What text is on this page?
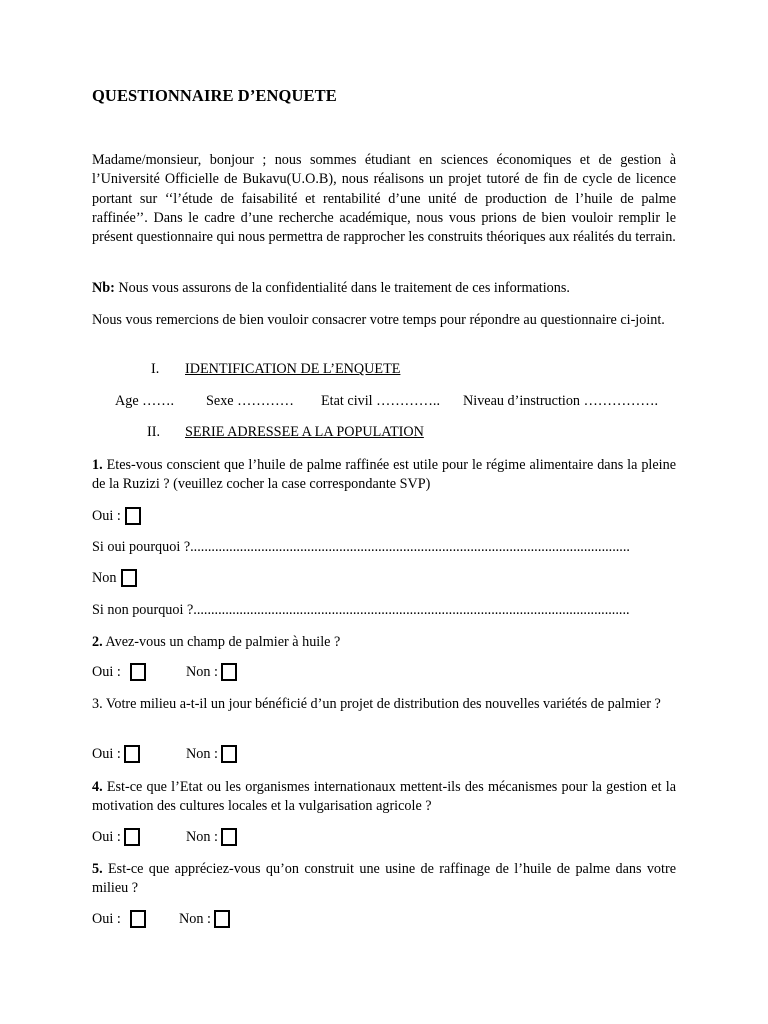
QUESTIONNAIRE D’ENQUETE
Madame/monsieur, bonjour ; nous sommes étudiant en sciences économiques et de gestion à l’Université Officielle de Bukavu(U.O.B), nous réalisons un projet tutoré de fin de cycle de licence portant sur ‘‘l’étude de faisabilité et rentabilité d’une unité de production de l’huile de palme raffinée’’. Dans le cadre d’une recherche académique, nous vous prions de bien vouloir remplir le présent questionnaire qui nous permettra de rapprocher les construits théoriques aux réalités du terrain.
Nb: Nous vous assurons de la confidentialité dans le traitement de ces informations.
Nous vous remercions de bien vouloir consacrer votre temps pour répondre au questionnaire ci-joint.
I. IDENTIFICATION DE L’ENQUETE
Age ……. Sexe ………… Etat civil ………….. Niveau d’instruction …………….
II. SERIE ADRESSEE A LA POPULATION
1. Etes-vous conscient que l’huile de palme raffinée est utile pour le régime alimentaire dans la pleine de la Ruzizi ? (veuillez cocher la case correspondante SVP)
Oui :
Si oui pourquoi ?............................................................................................................................
Non :
Si non pourquoi ?...........................................................................................................................
2. Avez-vous un champ de palmier à huile ?
Oui :	Non :
3. Votre milieu a-t-il un jour bénéficié d’un projet de distribution des nouvelles variétés de palmier ?
Oui :	Non :
4. Est-ce que l’Etat ou les organismes internationaux mettent-ils des mécanismes pour la gestion et la motivation des cultures locales et la vulgarisation agricole ?
Oui :	Non :
5. Est-ce que appréciez-vous qu’on construit une usine de raffinage de l’huile de palme dans votre milieu ?
Oui :	Non :
